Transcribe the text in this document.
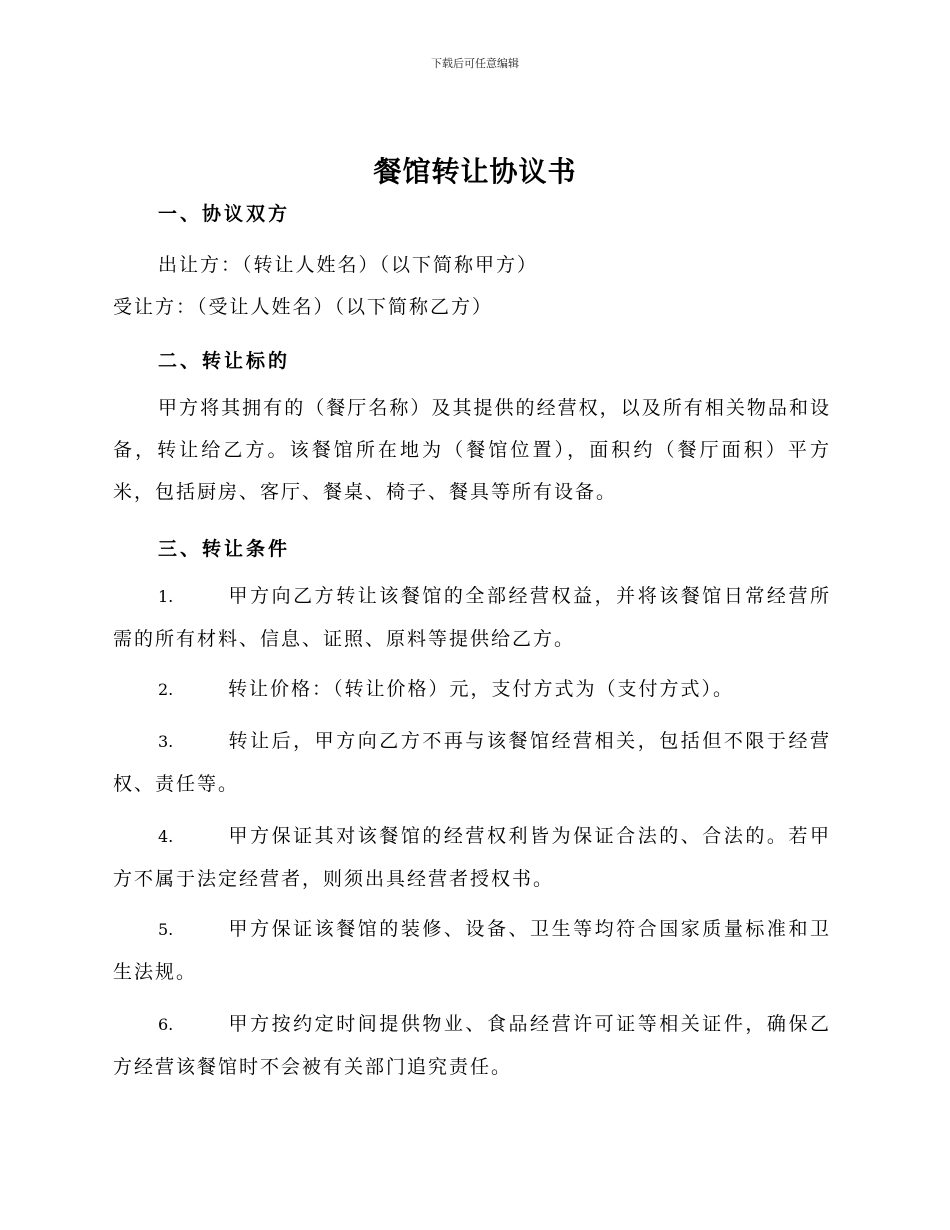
下载后可任意编辑
餐馆转让协议书
一、协议双方
出让方：（转让人姓名）（以下简称甲方）
受让方：（受让人姓名）（以下简称乙方）
二、转让标的
甲方将其拥有的（餐厅名称）及其提供的经营权，以及所有相关物品和设备，转让给乙方。该餐馆所在地为（餐馆位置），面积约（餐厅面积）平方米，包括厨房、客厅、餐桌、椅子、餐具等所有设备。
三、转让条件
1.	甲方向乙方转让该餐馆的全部经营权益，并将该餐馆日常经营所需的所有材料、信息、证照、原料等提供给乙方。
2.	转让价格：（转让价格）元，支付方式为（支付方式）。
3.	转让后，甲方向乙方不再与该餐馆经营相关，包括但不限于经营权、责任等。
4.	甲方保证其对该餐馆的经营权利皆为保证合法的、合法的。若甲方不属于法定经营者，则须出具经营者授权书。
5.	甲方保证该餐馆的装修、设备、卫生等均符合国家质量标准和卫生法规。
6.	甲方按约定时间提供物业、食品经营许可证等相关证件，确保乙方经营该餐馆时不会被有关部门追究责任。
